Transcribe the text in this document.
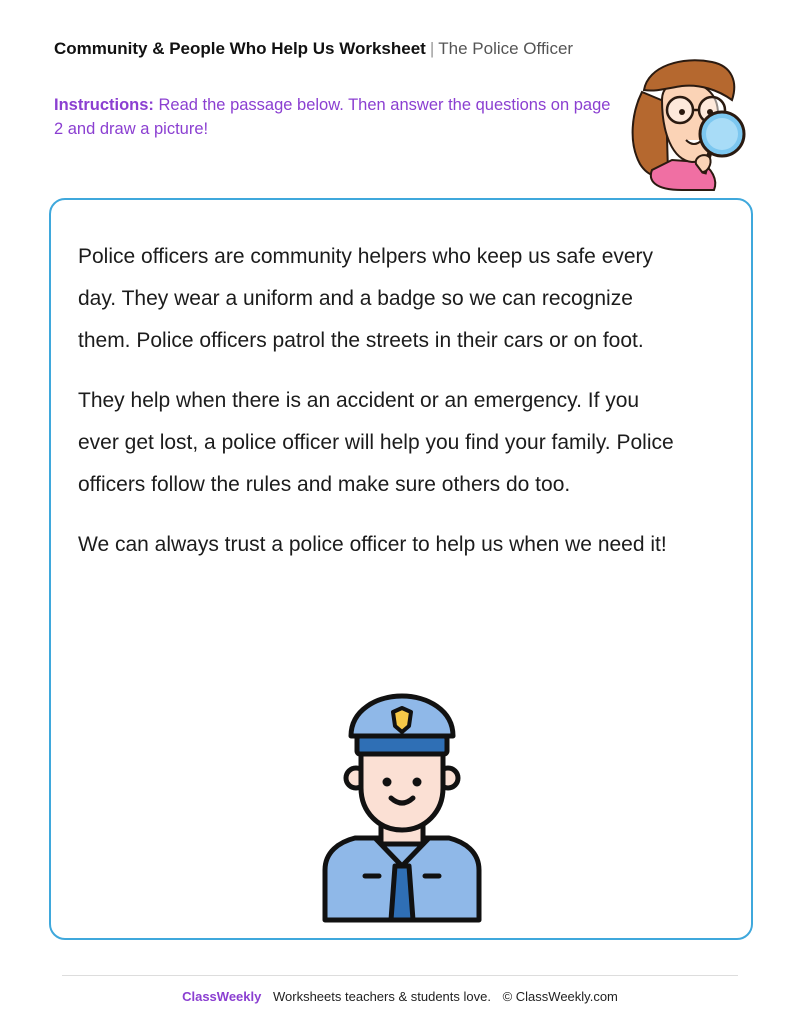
Community & People Who Help Us Worksheet | The Police Officer
Instructions: Read the passage below. Then answer the questions on page 2 and draw a picture!

Police officers are community helpers who keep us safe every day. They wear a uniform and a badge so we can recognize them. Police officers patrol the streets in their cars or on foot.

They help when there is an accident or an emergency. If you ever get lost, a police officer will help you find your family. Police officers follow the rules and make sure others do too.

We can always trust a police officer to help us when we need it!

ClassWeekly Worksheets teachers & students love. © ClassWeekly.com
